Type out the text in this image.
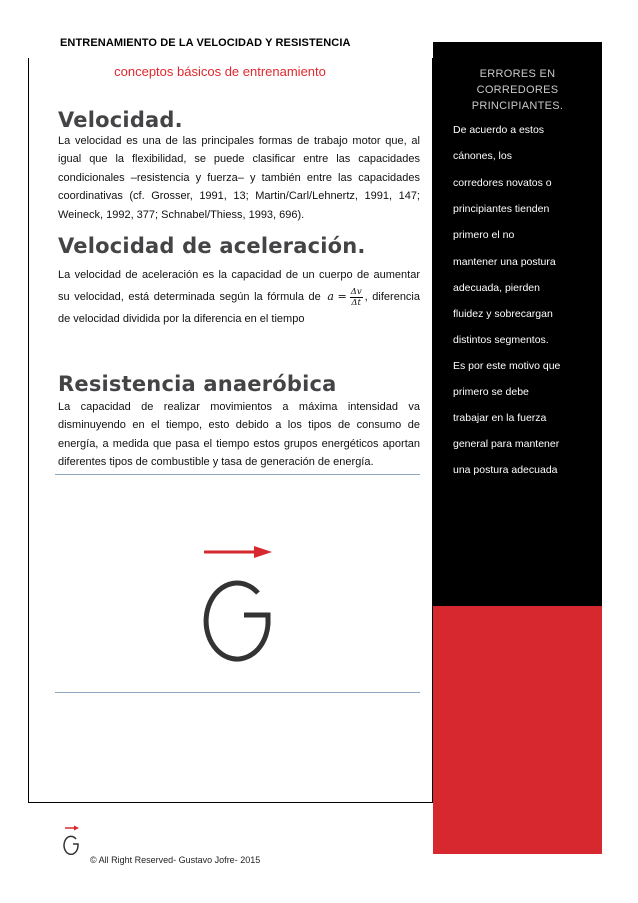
ENTRENAMIENTO DE LA VELOCIDAD Y RESISTENCIA
conceptos básicos de entrenamiento
Velocidad.

La velocidad es una de las principales formas de trabajo motor que, al igual que la flexibilidad, se puede clasificar entre las capacidades condicionales –resistencia y fuerza– y también entre las capacidades coordinativas (cf. Grosser, 1991, 13; Martin/Carl/Lehnertz, 1991, 147; Weineck, 1992, 377; Schnabel/Thiess, 1993, 696).

Velocidad de aceleración.

La velocidad de aceleración es la capacidad de un cuerpo de aumentar su velocidad, está determinada según la fórmula de $a = \frac{\Delta v}{\Delta t}$ , diferencia de velocidad dividida por la diferencia en el tiempo

Resistencia anaeróbica

La capacidad de realizar movimientos a máxima intensidad va disminuyendo en el tiempo, esto debido a los tipos de consumo de energía, a medida que pasa el tiempo estos grupos energéticos aportan diferentes tipos de combustible y tasa de generación de energía.

© All Right Reserved- Gustavo Jofre- 2015
ERRORES EN
CORREDORES
PRINCIPIANTES.
De acuerdo a estos
cánones, los
corredores novatos o
principiantes tienden
primero el no
mantener una postura
adecuada, pierden
fluidez y sobrecargan
distintos segmentos.
Es por este motivo que
primero se debe
trabajar en la fuerza
general para mantener
una postura adecuada
